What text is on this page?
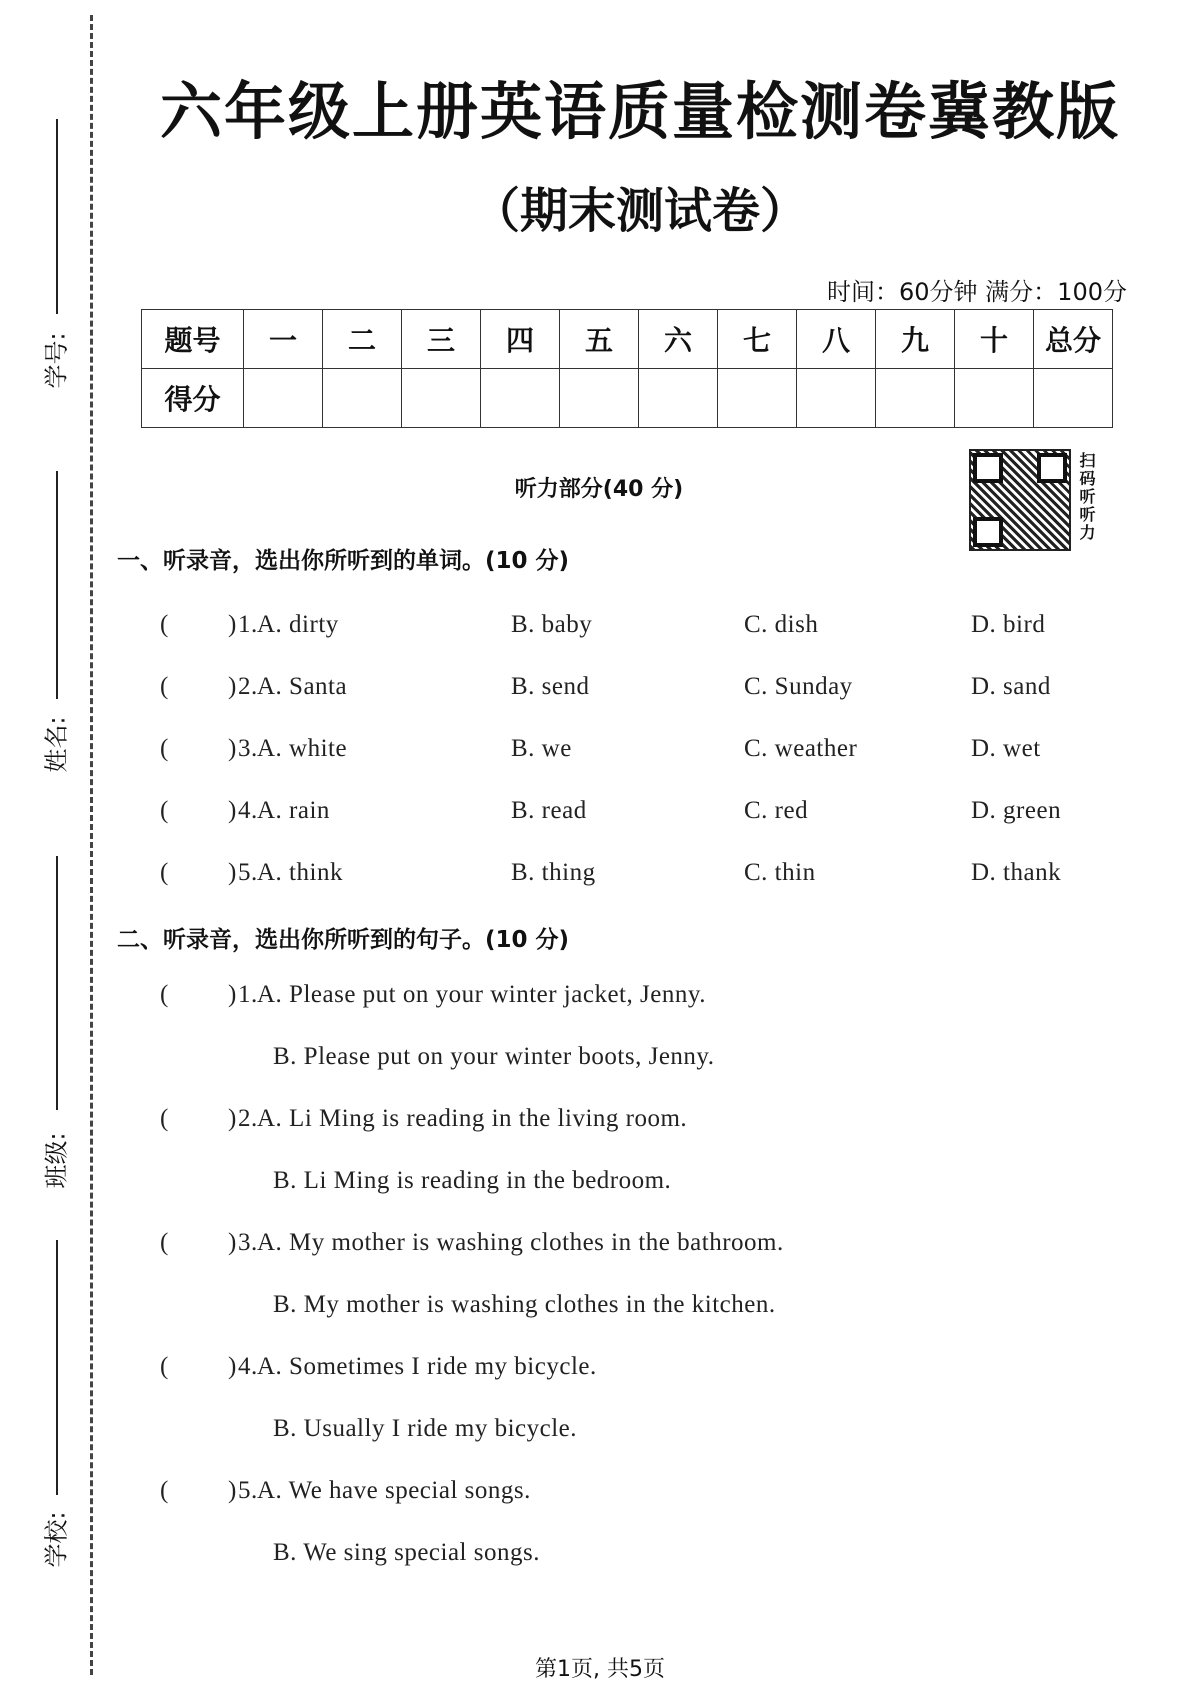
学号:
姓名:
班级:
学校:
六年级上册英语质量检测卷冀教版
（期末测试卷）
时间：60分钟 满分：100分
题号	一	二	三	四	五	六	七	八	九	十	总分
得分											
听力部分(40 分)	扫码听听力
一、听录音，选出你所听到的单词。(10 分)
二、听录音，选出你所听到的句子。(10 分)
第1页, 共5页
( ) 1. A. dirty	B. baby	C. dish	D. bird
( ) 2. A. Santa	B. send	C. Sunday	D. sand
( ) 3. A. white	B. we	C. weather	D. wet
( ) 4. A. rain	B. read	C. red	D. green
( ) 5. A. think	B. thing	C. thin	D. thank
( ) 1. A. Please put on your winter jacket, Jenny.
B. Please put on your winter boots, Jenny.
( ) 2. A. Li Ming is reading in the living room.
B. Li Ming is reading in the bedroom.
( ) 3. A. My mother is washing clothes in the bathroom.
B. My mother is washing clothes in the kitchen.
( ) 4. A. Sometimes I ride my bicycle.
B. Usually I ride my bicycle.
( ) 5. A. We have special songs.
B. We sing special songs.
